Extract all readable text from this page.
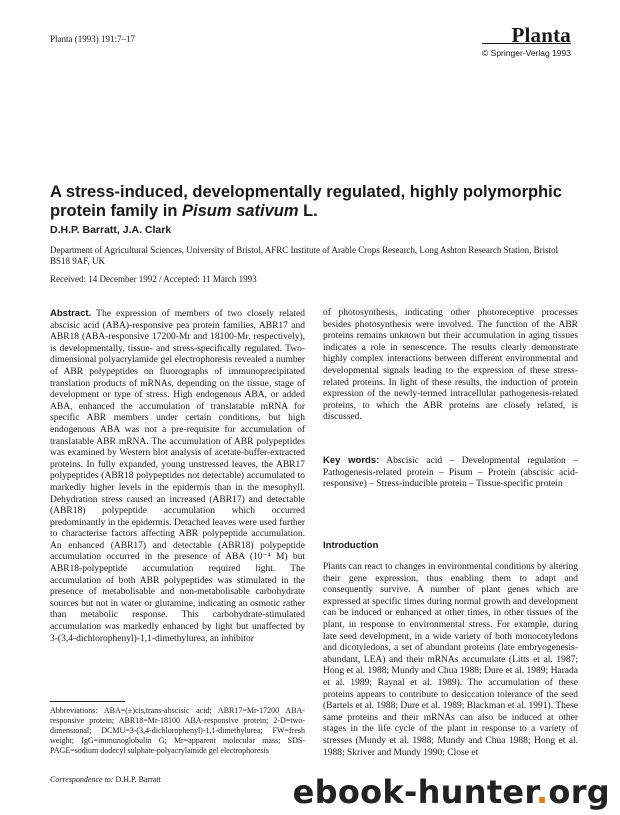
Planta (1993) 191:7–17	Planta
© Springer-Verlag 1993
A stress-induced, developmentally regulated, highly polymorphic protein family in Pisum sativum L.
D.H.P. Barratt, J.A. Clark

Department of Agricultural Sciences, University of Bristol, AFRC Institute of Arable Crops Research, Long Ashton Research Station, Bristol BS18 9AF, UK

Received: 14 December 1992 / Accepted: 11 March 1993

Abstract. The expression of members of two closely related abscisic acid (ABA)-responsive pea protein families, ABR17 and ABR18 (ABA-responsive 17200-Mr and 18100-Mr, respectively), is developmentally, tissue- and stress-specifically regulated. Two-dimensional polyacrylamide gel electrophoresis revealed a number of ABR polypeptides on fluorographs of immunoprecipitated translation products of mRNAs, depending on the tissue, stage of development or type of stress. High endogenous ABA, or added ABA, enhanced the accumulation of translatable mRNA for specific ABR members under certain conditions, but high endogenous ABA was not a pre-requisite for accumulation of translatable ABR mRNA. The accumulation of ABR polypeptides was examined by Western blot analysis of acetate-buffer-extracted proteins. In fully expanded, young unstressed leaves, the ABR17 polypeptides (ABR18 polypeptides not detectable) accumulated to markedly higher levels in the epidermis than in the mesophyll. Dehydration stress caused an increased (ABR17) and detectable (ABR18) polypeptide accumulation which occurred predominantly in the epidermis. Detached leaves were used further to characterise factors affecting ABR polypeptide accumulation. An enhanced (ABR17) and detectable (ABR18) polypeptide accumulation occurred in the presence of ABA (10⁻⁴ M) but ABR18-polypeptide accumulation required light. The accumulation of both ABR polypeptides was stimulated in the presence of metabolisable and non-metabolisable carbohydrate sources but not in water or glutamine, indicating an osmotic rather than metabolic response. This carbohydrate-stimulated accumulation was markedly enhanced by light but unaffected by 3-(3,4-dichlorophenyl)-1,1-dimethylurea, an inhibitor

of photosynthesis, indicating other photoreceptive processes besides photosynthesis were involved. The function of the ABR proteins remains unknown but their accumulation in aging tissues indicates a role in senescence. The results clearly demonstrate highly complex interactions between different environmental and developmental signals leading to the expression of these stress-related proteins. In light of these results, the induction of protein expression of the newly-termed intracellular pathogenesis-related proteins, to which the ABR proteins are closely related, is discussed.

Key words: Abscisic acid – Developmental regulation – Pathogenesis-related protein – Pisum – Protein (abscisic acid-responsive) – Stress-inducible protein – Tissue-specific protein

Introduction

Plants can react to changes in environmental conditions by altering their gene expression, thus enabling them to adapt and consequently survive. A number of plant genes which are expressed at specific times during normal growth and development can be induced or enhanced at other times, in other tissues of the plant, in response to environmental stress. For example, during late seed development, in a wide variety of both monocotyledons and dicotyledons, a set of abundant proteins (late embryogenesis-abundant, LEA) and their mRNAs accumulate (Litts et al. 1987; Hong et al. 1988; Mundy and Chua 1988; Dure et al. 1989; Harada et al. 1989; Raynal et al. 1989). The accumulation of these proteins appears to contribute to desiccation tolerance of the seed (Bartels et al. 1988; Dure et al. 1989; Blackman et al. 1991). These same proteins and their mRNAs can also be induced at other stages in the life cycle of the plant in response to a variety of stresses (Mundy et al. 1988; Mundy and Chua 1988; Hong et al. 1988; Skriver and Mundy 1990; Close et

Abbreviations: ABA=(±)cis,trans-abscisic acid; ABR17=Mr-17200 ABA-responsive protein; ABR18=Mr-18100 ABA-responsive protein; 2-D=two-dimensional; DCMU=3-(3,4-dichlorophenyl)-1,1-dimethylurea; FW=fresh weight; IgG=immunoglobulin G; Mr=apparent molecular mass; SDS-PAGE=sodium dodecyl sulphate-polyacrylamide gel electrophoresis

Correspondence to: D.H.P. Barratt	ebook-hunter.org
